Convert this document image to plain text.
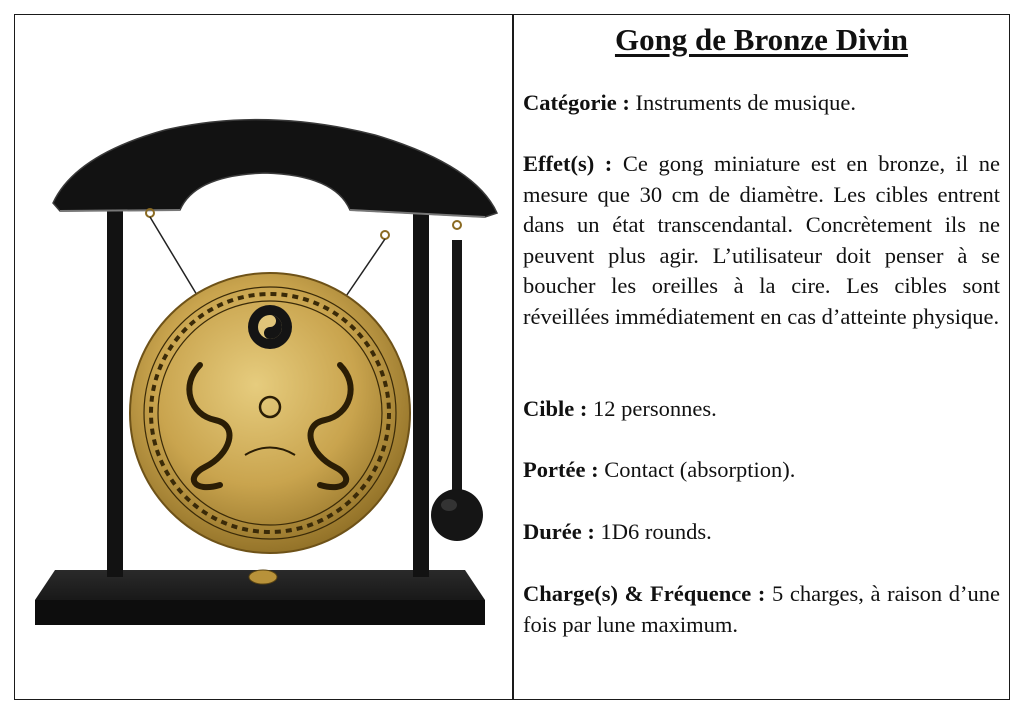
Gong de Bronze Divin

Catégorie : Instruments de musique.

Effet(s) : Ce gong miniature est en bronze, il ne mesure que 30 cm de diamètre. Les cibles entrent dans un état transcendantal. Concrètement ils ne peuvent plus agir. L’utilisateur doit penser à se boucher les oreilles à la cire. Les cibles sont réveillées immédiatement en cas d’atteinte physique.

Cible : 12 personnes.

Portée : Contact (absorption).

Durée : 1D6 rounds.

Charge(s) & Fréquence : 5 charges, à raison d’une fois par lune maximum.
